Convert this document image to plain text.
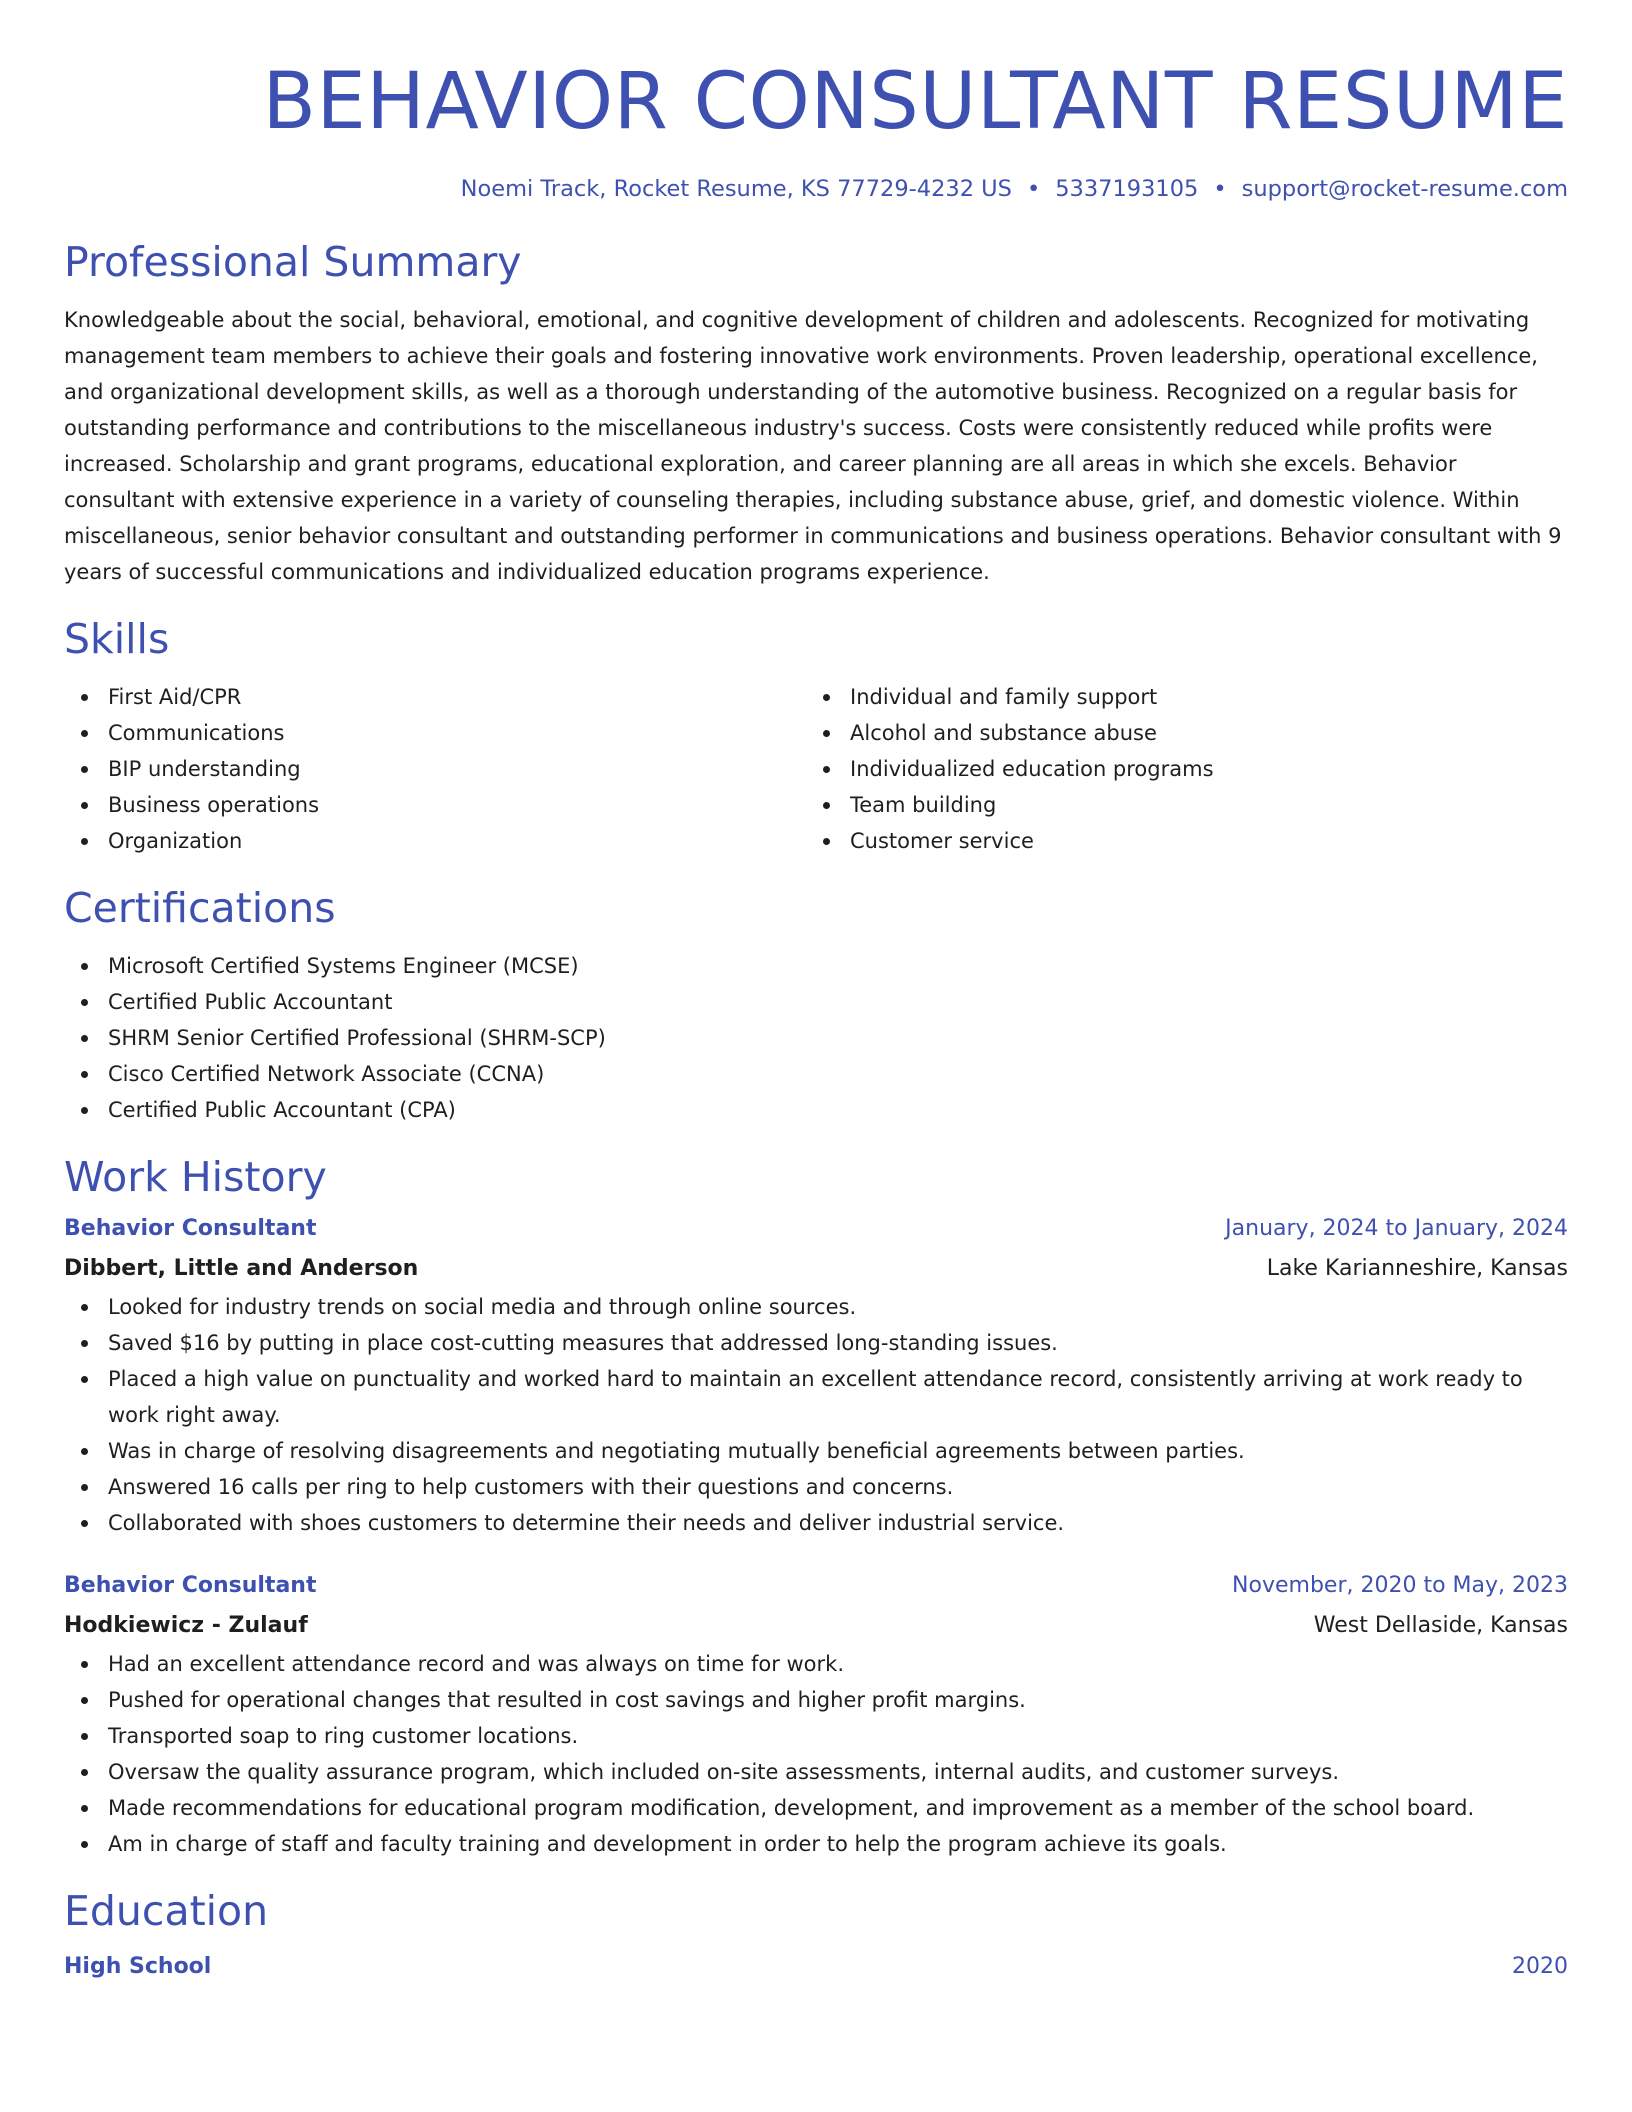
BEHAVIOR CONSULTANT RESUME
Noemi Track, Rocket Resume, KS 77729-4232 US • 5337193105 • support@rocket-resume.com
Professional Summary

Knowledgeable about the social, behavioral, emotional, and cognitive development of children and adolescents. Recognized for motivating management team members to achieve their goals and fostering innovative work environments. Proven leadership, operational excellence, and organizational development skills, as well as a thorough understanding of the automotive business. Recognized on a regular basis for outstanding performance and contributions to the miscellaneous industry's success. Costs were consistently reduced while profits were increased. Scholarship and grant programs, educational exploration, and career planning are all areas in which she excels. Behavior consultant with extensive experience in a variety of counseling therapies, including substance abuse, grief, and domestic violence. Within miscellaneous, senior behavior consultant and outstanding performer in communications and business operations. Behavior consultant with 9 years of successful communications and individualized education programs experience.

Skills
First Aid/CPR
Communications
BIP understanding
Business operations
Organization
Individual and family support
Alcohol and substance abuse
Individualized education programs
Team building
Customer service
Certifications
Microsoft Certified Systems Engineer (MCSE)
Certified Public Accountant
SHRM Senior Certified Professional (SHRM-SCP)
Cisco Certified Network Associate (CCNA)
Certified Public Accountant (CPA)
Work History
Behavior Consultant	January, 2024 to January, 2024
Dibbert, Little and Anderson	Lake Karianneshire, Kansas
Looked for industry trends on social media and through online sources.
Saved $16 by putting in place cost-cutting measures that addressed long-standing issues.
Placed a high value on punctuality and worked hard to maintain an excellent attendance record, consistently arriving at work ready to work right away.
Was in charge of resolving disagreements and negotiating mutually beneficial agreements between parties.
Answered 16 calls per ring to help customers with their questions and concerns.
Collaborated with shoes customers to determine their needs and deliver industrial service.
Behavior Consultant	November, 2020 to May, 2023
Hodkiewicz - Zulauf	West Dellaside, Kansas
Had an excellent attendance record and was always on time for work.
Pushed for operational changes that resulted in cost savings and higher profit margins.
Transported soap to ring customer locations.
Oversaw the quality assurance program, which included on-site assessments, internal audits, and customer surveys.
Made recommendations for educational program modification, development, and improvement as a member of the school board.
Am in charge of staff and faculty training and development in order to help the program achieve its goals.
Education
High School	2020
